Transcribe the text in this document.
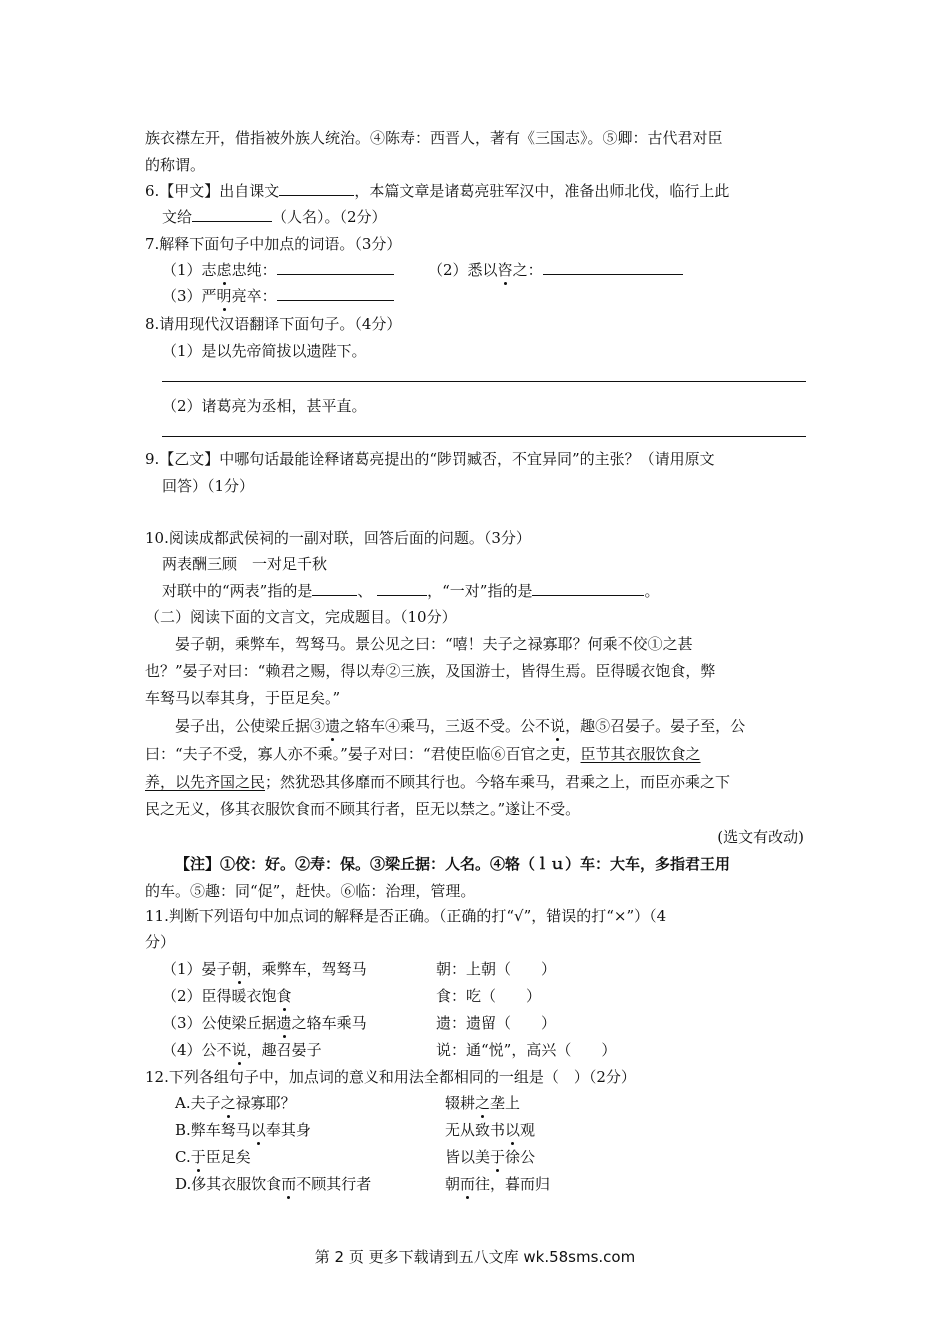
族衣襟左开，借指被外族人统治。④陈寿：西晋人，著有《三国志》。⑤卿：古代君对臣
的称谓。
6.【甲文】出自课文	，本篇文章是诸葛亮驻军汉中，准备出师北伐，临行上此
文给	（人名）。（2分）
7.解释下面句子中加点的词语。（3分）
（1）志虑忠纯：	（2）悉以咨之：
（3）严明亮卒：
8.请用现代汉语翻译下面句子。（4分）
（1）是以先帝简拔以遗陛下。
（2）诸葛亮为丞相，甚平直。
9.【乙文】中哪句话最能诠释诸葛亮提出的“陟罚臧否，不宜异同”的主张？（请用原文
回答）（1分）
10.阅读成都武侯祠的一副对联，回答后面的问题。（3分）
两表酬三顾　一对足千秋
对联中的“两表”指的是	、	，“一对”指的是	。
（二）阅读下面的文言文，完成题目。（10分）
晏子朝，乘弊车，驾驽马。景公见之曰：“嘻！夫子之禄寡耶？何乘不佼①之甚
也？”晏子对曰：“赖君之赐，得以寿②三族，及国游士，皆得生焉。臣得暖衣饱食，弊
车驽马以奉其身，于臣足矣。”
晏子出，公使梁丘据③遗之辂车④乘马，三返不受。公不说，趣⑤召晏子。晏子至，公
曰：“夫子不受，寡人亦不乘。”晏子对曰：“君使臣临⑥百官之吏，臣节其衣服饮食之
养，以先齐国之民；然犹恐其侈靡而不顾其行也。今辂车乘马，君乘之上，而臣亦乘之下
民之无义，侈其衣服饮食而不顾其行者，臣无以禁之。”遂让不受。
(选文有改动)
【注】①佼：好。②寿：保。③梁丘据：人名。④辂（ｌｕ）车：大车，多指君王用
的车。⑤趣：同“促”，赶快。⑥临：治理，管理。
11.判断下列语句中加点词的解释是否正确。（正确的打“√”，错误的打“×”）（4
分）
（1）晏子朝，乘弊车，驾驽马	朝：上朝（　　）
（2）臣得暖衣饱食	食：吃（　　）
（3）公使梁丘据遗之辂车乘马	遗：遗留（　　）
（4）公不说，趣召晏子	说：通“悦”，高兴（　　）
12.下列各组句子中，加点词的意义和用法全都相同的一组是（　）（2分）
A.夫子之禄寡耶？	辍耕之垄上
B.弊车驽马以奉其身	无从致书以观
C.于臣足矣	皆以美于徐公
D.侈其衣服饮食而不顾其行者	朝而往，暮而归
第 2 页 更多下载请到五八文库 wk.58sms.com
